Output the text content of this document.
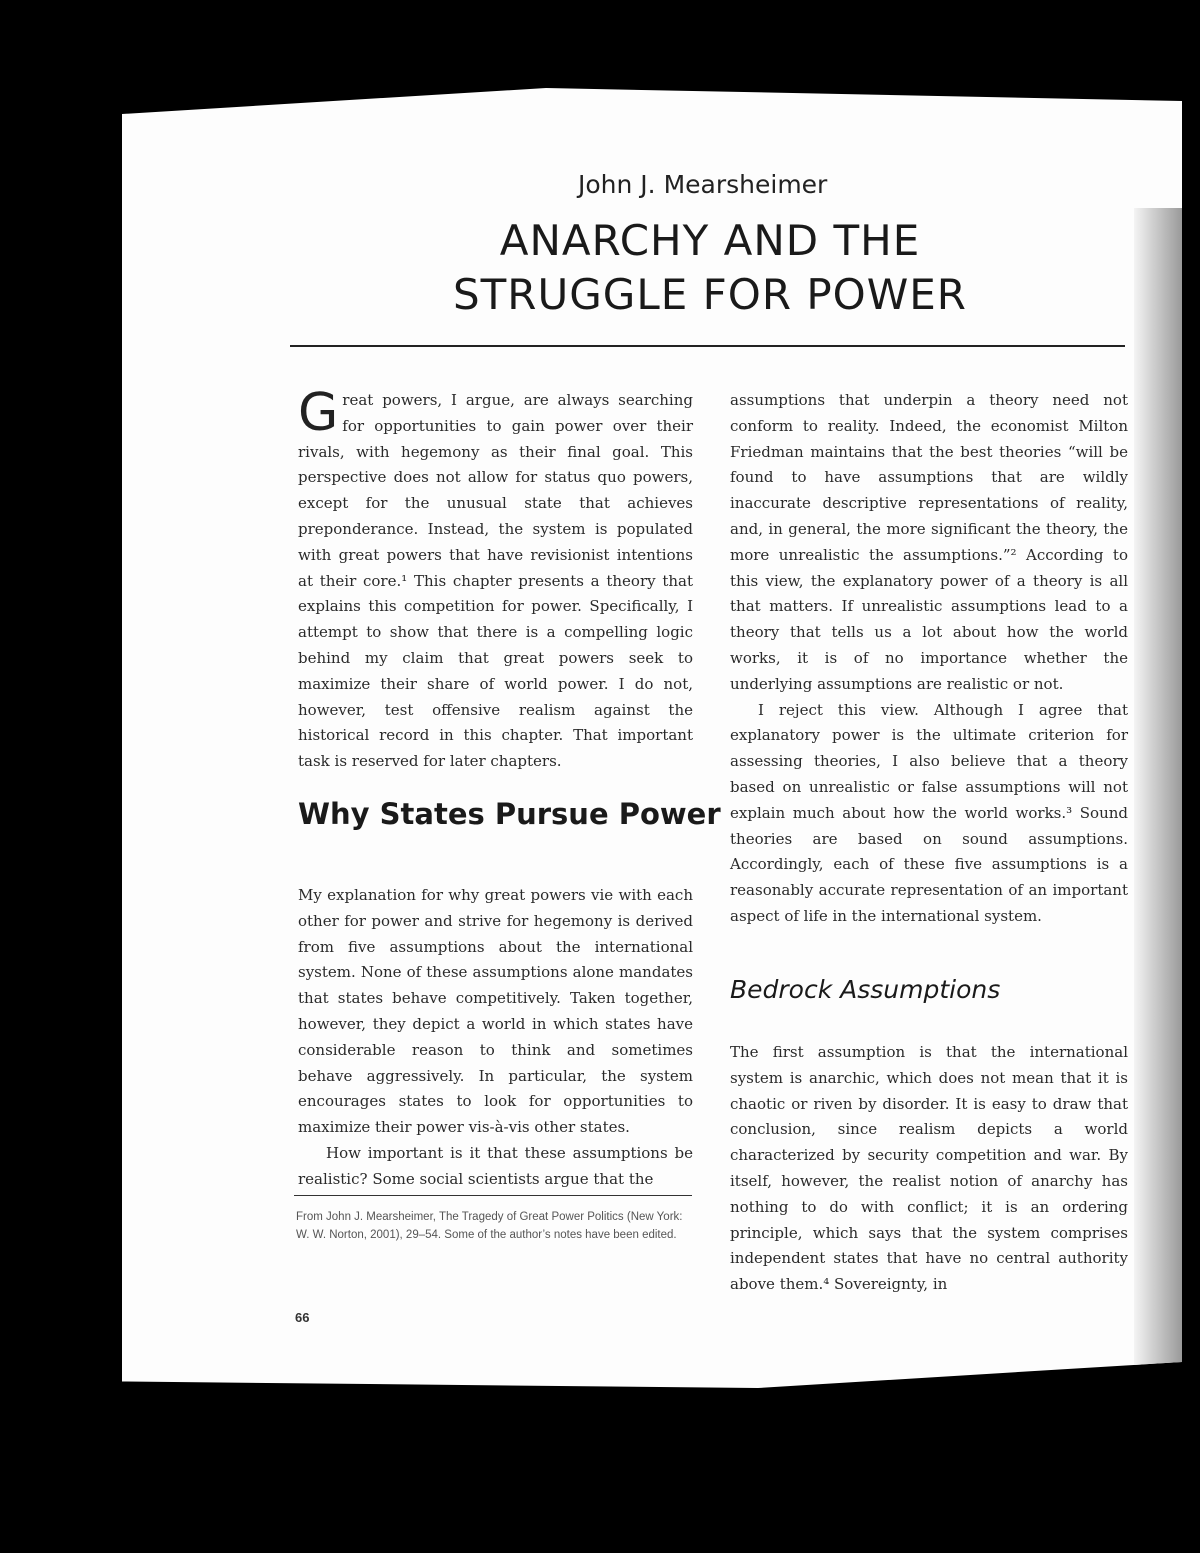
John J. Mearsheimer
ANARCHY AND THE STRUGGLE FOR POWER

Great powers, I argue, are always searching for opportunities to gain power over their rivals, with hegemony as their final goal. This perspective does not allow for status quo powers, except for the unusual state that achieves preponderance. Instead, the system is populated with great powers that have revisionist intentions at their core.¹ This chapter presents a theory that explains this competition for power. Specifically, I attempt to show that there is a compelling logic behind my claim that great powers seek to maximize their share of world power. I do not, however, test offensive realism against the historical record in this chapter. That important task is reserved for later chapters.

My explanation for why great powers vie with each other for power and strive for hegemony is derived from five assumptions about the international system. None of these assumptions alone mandates that states behave competitively. Taken together, however, they depict a world in which states have considerable reason to think and sometimes behave aggressively. In particular, the system encourages states to look for opportunities to maximize their power vis-à-vis other states.

How important is it that these assumptions be realistic? Some social scientists argue that the

Why States Pursue Power

assumptions that underpin a theory need not conform to reality. Indeed, the economist Milton Friedman maintains that the best theories “will be found to have assumptions that are wildly inaccurate descriptive representations of reality, and, in general, the more significant the theory, the more unrealistic the assumptions.”² According to this view, the explanatory power of a theory is all that matters. If unrealistic assumptions lead to a theory that tells us a lot about how the world works, it is of no importance whether the underlying assumptions are realistic or not.

I reject this view. Although I agree that explanatory power is the ultimate criterion for assessing theories, I also believe that a theory based on unrealistic or false assumptions will not explain much about how the world works.³ Sound theories are based on sound assumptions. Accordingly, each of these five assumptions is a reasonably accurate representation of an important aspect of life in the international system.

Bedrock Assumptions

The first assumption is that the international system is anarchic, which does not mean that it is chaotic or riven by disorder. It is easy to draw that conclusion, since realism depicts a world characterized by security competition and war. By itself, however, the realist notion of anarchy has nothing to do with conflict; it is an ordering principle, which says that the system comprises independent states that have no central authority above them.⁴ Sovereignty, in

From John J. Mearsheimer, The Tragedy of Great Power Politics (New York: W. W. Norton, 2001), 29–54. Some of the author’s notes have been edited.
66
